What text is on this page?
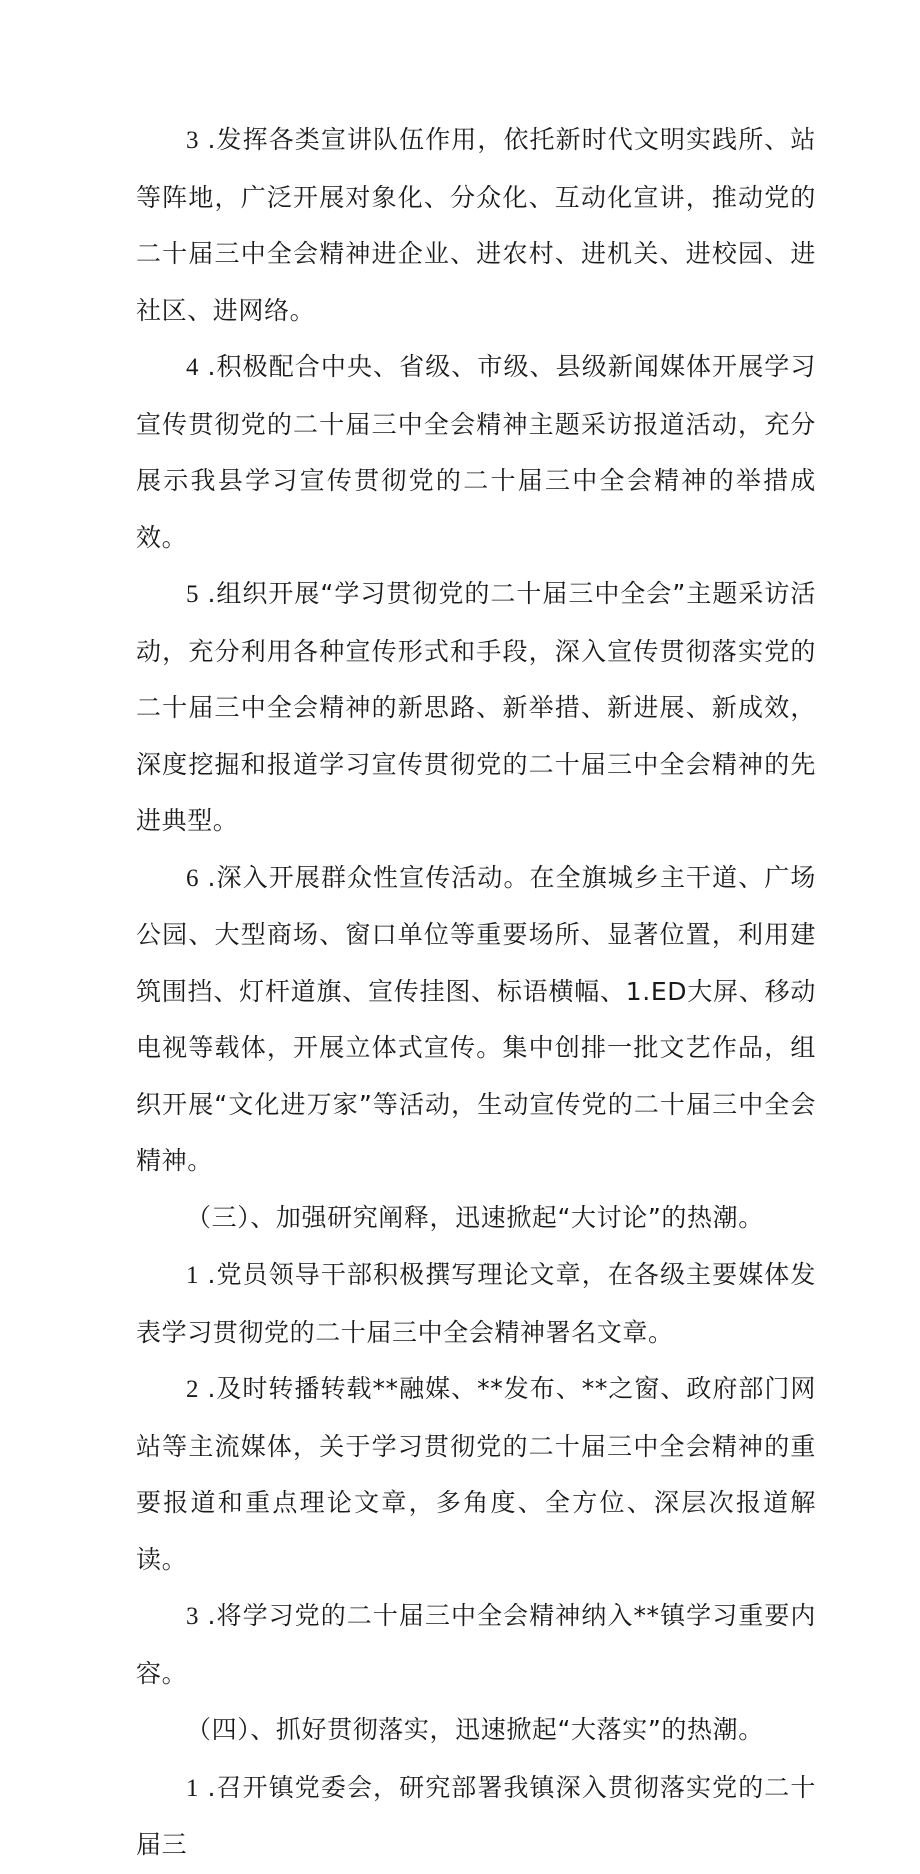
3 .发挥各类宣讲队伍作用，依托新时代文明实践所、站等阵地，广泛开展对象化、分众化、互动化宣讲，推动党的二十届三中全会精神进企业、进农村、进机关、进校园、进社区、进网络。

4 .积极配合中央、省级、市级、县级新闻媒体开展学习宣传贯彻党的二十届三中全会精神主题采访报道活动，充分展示我县学习宣传贯彻党的二十届三中全会精神的举措成效。

5 .组织开展“学习贯彻党的二十届三中全会”主题采访活动，充分利用各种宣传形式和手段，深入宣传贯彻落实党的二十届三中全会精神的新思路、新举措、新进展、新成效，深度挖掘和报道学习宣传贯彻党的二十届三中全会精神的先进典型。

6 .深入开展群众性宣传活动。在全旗城乡主干道、广场公园、大型商场、窗口单位等重要场所、显著位置，利用建筑围挡、灯杆道旗、宣传挂图、标语横幅、1.ED大屏、移动电视等载体，开展立体式宣传。集中创排一批文艺作品，组织开展“文化进万家”等活动，生动宣传党的二十届三中全会精神。

（三）、加强研究阐释，迅速掀起“大讨论”的热潮。

1 .党员领导干部积极撰写理论文章，在各级主要媒体发表学习贯彻党的二十届三中全会精神署名文章。

2 .及时转播转载**融媒、**发布、**之窗、政府部门网站等主流媒体，关于学习贯彻党的二十届三中全会精神的重要报道和重点理论文章，多角度、全方位、深层次报道解读。

3 .将学习党的二十届三中全会精神纳入**镇学习重要内容。

（四）、抓好贯彻落实，迅速掀起“大落实”的热潮。

1 .召开镇党委会，研究部署我镇深入贯彻落实党的二十届三
